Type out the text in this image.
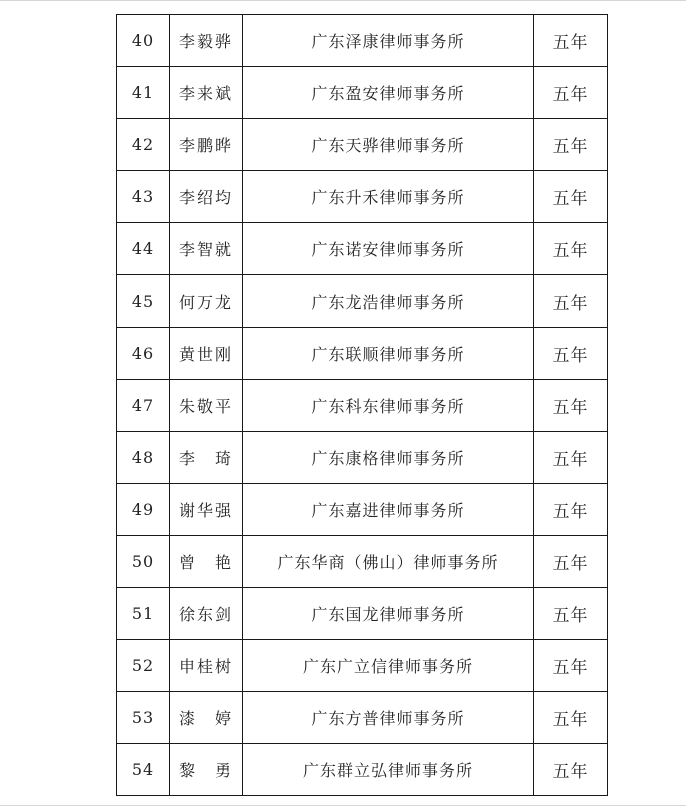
40	李毅骅	广东泽康律师事务所	五年
41	李来斌	广东盈安律师事务所	五年
42	李鹏晔	广东天骅律师事务所	五年
43	李绍均	广东升禾律师事务所	五年
44	李智就	广东诺安律师事务所	五年
45	何万龙	广东龙浩律师事务所	五年
46	黄世刚	广东联顺律师事务所	五年
47	朱敬平	广东科东律师事务所	五年
48	李　琦	广东康格律师事务所	五年
49	谢华强	广东嘉进律师事务所	五年
50	曾　艳	广东华商（佛山）律师事务所	五年
51	徐东剑	广东国龙律师事务所	五年
52	申桂树	广东广立信律师事务所	五年
53	漆　婷	广东方普律师事务所	五年
54	黎　勇	广东群立弘律师事务所	五年
